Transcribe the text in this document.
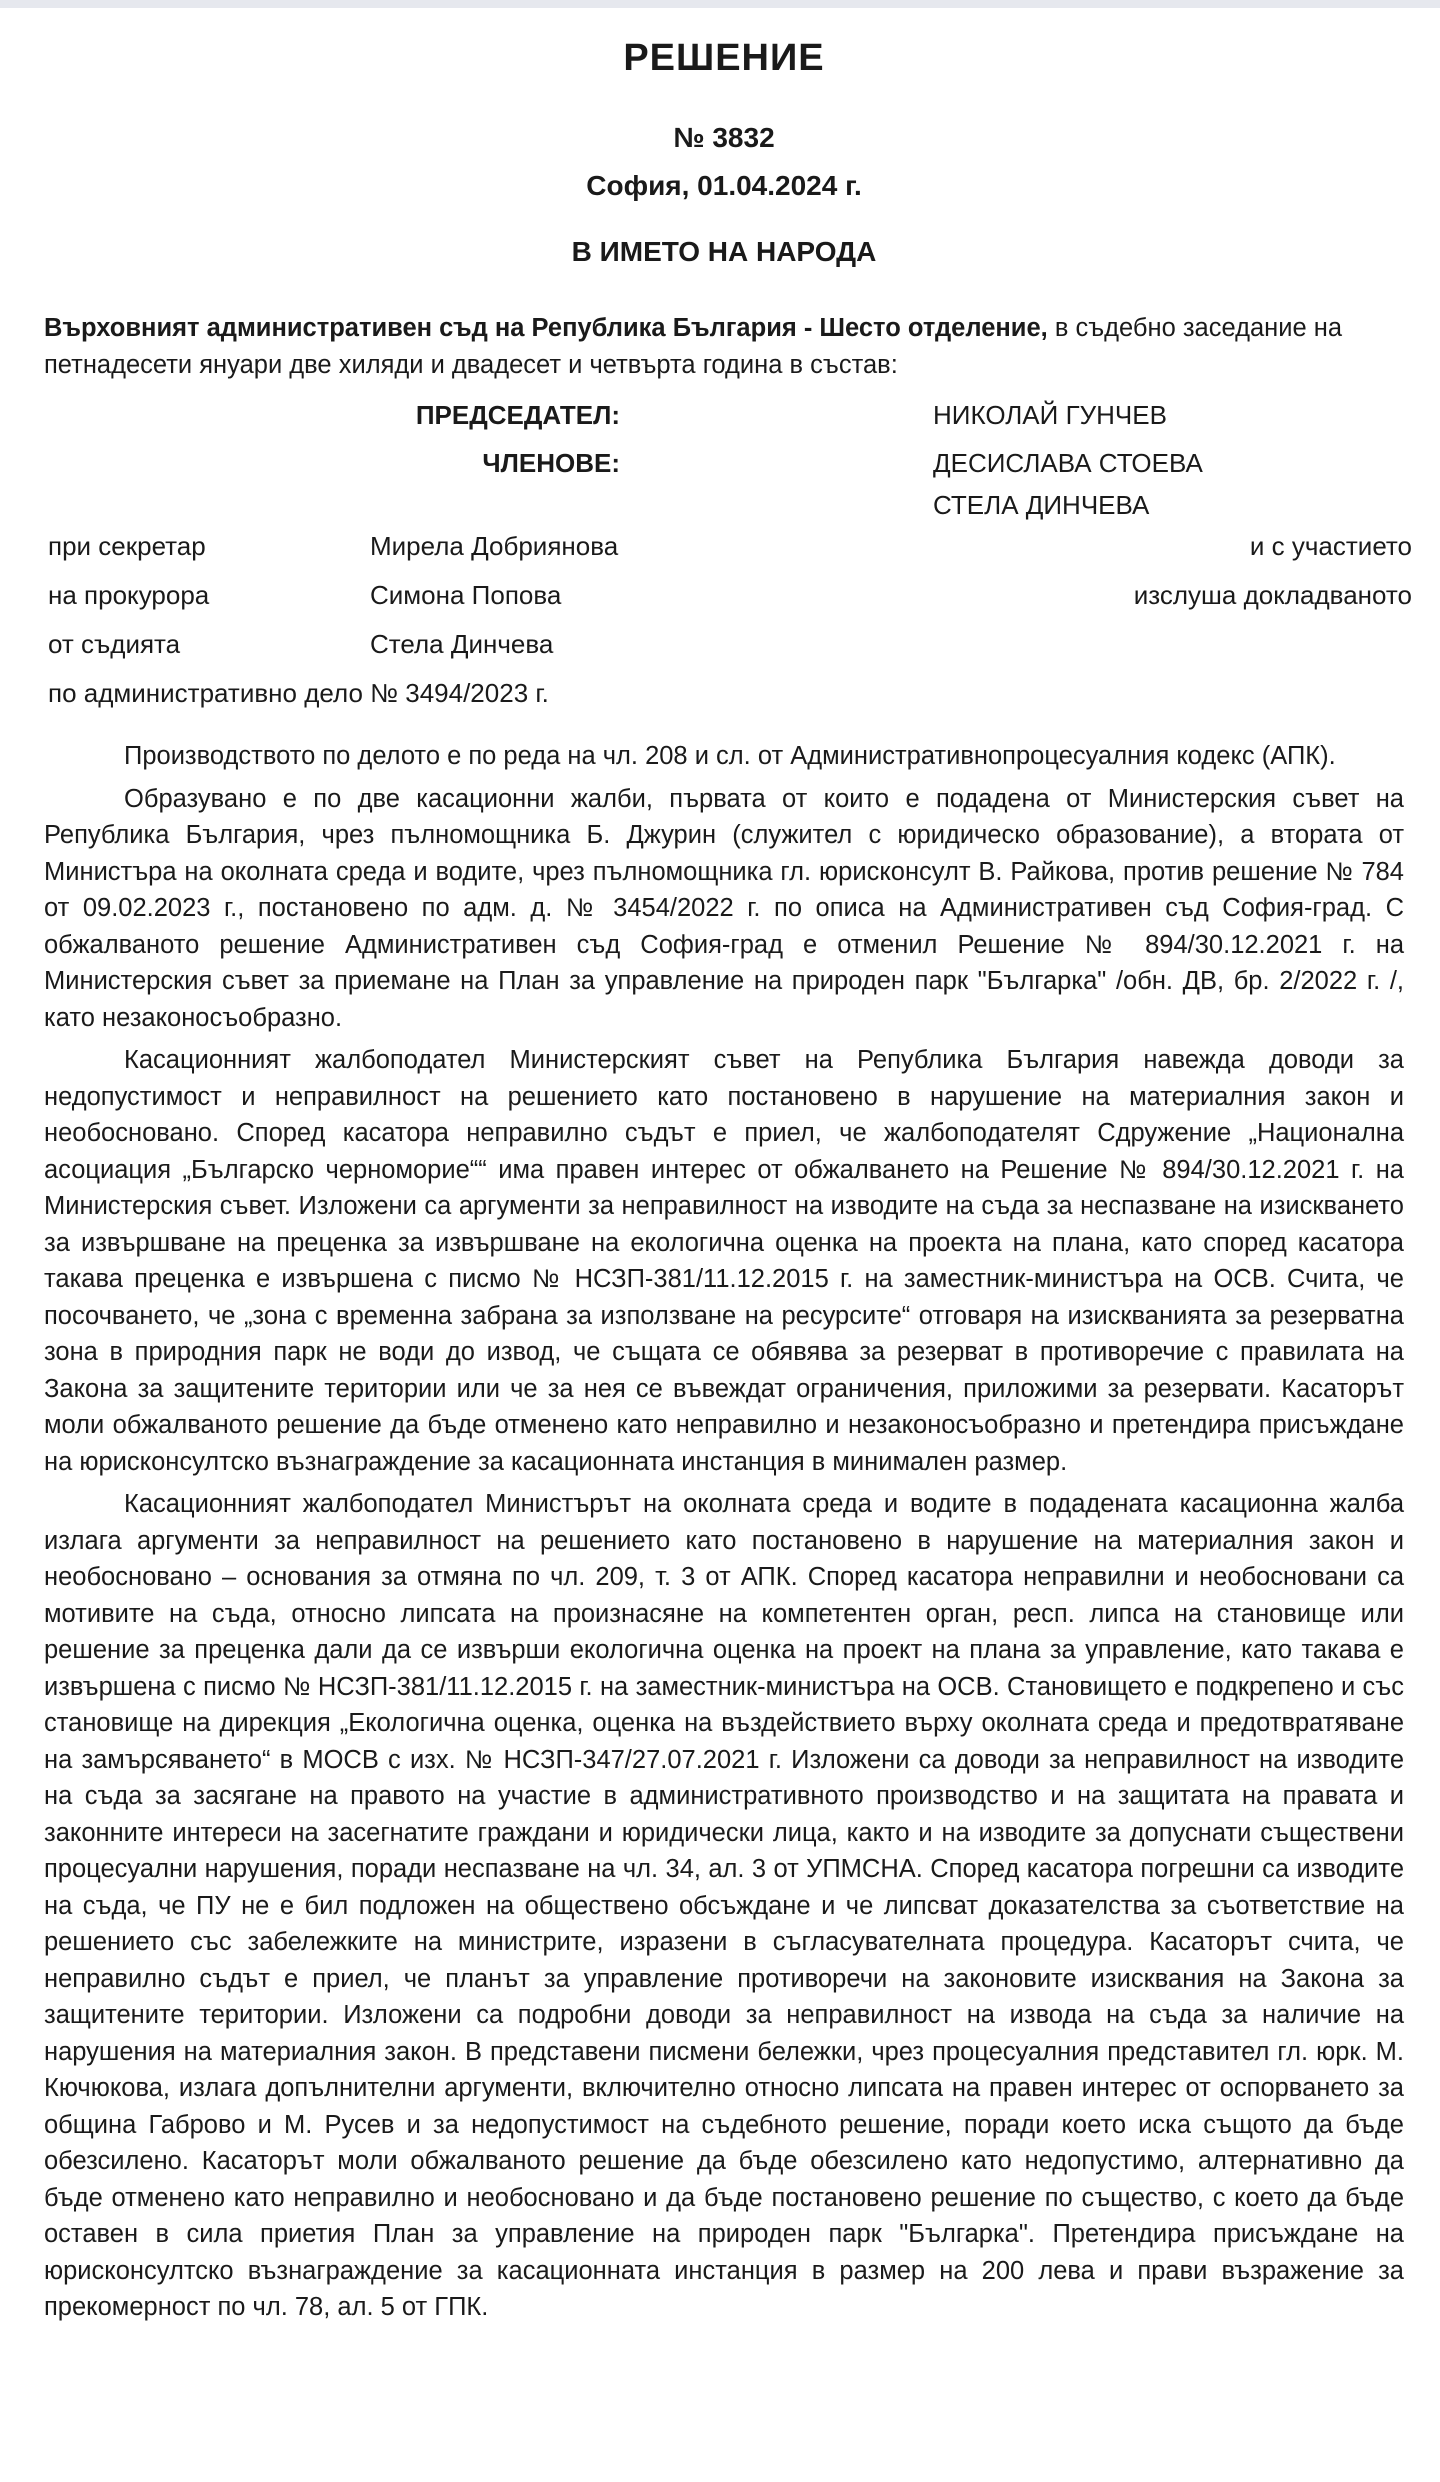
РЕШЕНИЕ
№ 3832
София, 01.04.2024 г.
В ИМЕТО НА НАРОДА
Върховният административен съд на Република България - Шесто отделение, в съдебно заседание на петнадесети януари две хиляди и двадесет и четвърта година в състав:
ПРЕДСЕДАТЕЛ:	НИКОЛАЙ ГУНЧЕВ
ЧЛЕНОВЕ:	ДЕСИСЛАВА СТОЕВА
СТЕЛА ДИНЧЕВА
при секретар	Мирела Добриянова	и с участието
на прокурора	Симона Попова	изслуша докладваното
от съдията	Стела Динчева	
по административно дело № 3494/2023 г.		

Производството по делото е по реда на чл. 208 и сл. от Административнопроцесуалния кодекс (АПК).

Образувано е по две касационни жалби, първата от които е подадена от Министерския съвет на Република България, чрез пълномощника Б. Джурин (служител с юридическо образование), а втората от Министъра на околната среда и водите, чрез пълномощника гл. юрисконсулт В. Райкова, против решение № 784 от 09.02.2023 г., постановено по адм. д. № 3454/2022 г. по описа на Административен съд София-град. С обжалваното решение Административен съд София-град е отменил Решение № 894/30.12.2021 г. на Министерския съвет за приемане на План за управление на природен парк "Българка" /обн. ДВ, бр. 2/2022 г. /, като незаконосъобразно.

Касационният жалбоподател Министерският съвет на Република България навежда доводи за недопустимост и неправилност на решението като постановено в нарушение на материалния закон и необосновано. Според касатора неправилно съдът е приел, че жалбоподателят Сдружение „Национална асоциация „Българско черноморие““ има правен интерес от обжалването на Решение № 894/30.12.2021 г. на Министерския съвет. Изложени са аргументи за неправилност на изводите на съда за неспазване на изискването за извършване на преценка за извършване на екологична оценка на проекта на плана, като според касатора такава преценка е извършена с писмо № НСЗП-381/11.12.2015 г. на заместник-министъра на ОСВ. Счита, че посочването, че „зона с временна забрана за използване на ресурсите“ отговаря на изискванията за резерватна зона в природния парк не води до извод, че същата се обявява за резерват в противоречие с правилата на Закона за защитените територии или че за нея се въвеждат ограничения, приложими за резервати. Касаторът моли обжалваното решение да бъде отменено като неправилно и незаконосъобразно и претендира присъждане на юрисконсултско възнаграждение за касационната инстанция в минимален размер.

Касационният жалбоподател Министърът на околната среда и водите в подадената касационна жалба излага аргументи за неправилност на решението като постановено в нарушение на материалния закон и необосновано – основания за отмяна по чл. 209, т. 3 от АПК. Според касатора неправилни и необосновани са мотивите на съда, относно липсата на произнасяне на компетентен орган, респ. липса на становище или решение за преценка дали да се извърши екологична оценка на проект на плана за управление, като такава е извършена с писмо № НСЗП-381/11.12.2015 г. на заместник-министъра на ОСВ. Становището е подкрепено и със становище на дирекция „Екологична оценка, оценка на въздействието върху околната среда и предотвратяване на замърсяването“ в МОСВ с изх. № НСЗП-347/27.07.2021 г. Изложени са доводи за неправилност на изводите на съда за засягане на правото на участие в административното производство и на защитата на правата и законните интереси на засегнатите граждани и юридически лица, както и на изводите за допуснати съществени процесуални нарушения, поради неспазване на чл. 34, ал. 3 от УПМСНА. Според касатора погрешни са изводите на съда, че ПУ не е бил подложен на обществено обсъждане и че липсват доказателства за съответствие на решението със забележките на министрите, изразени в съгласувателната процедура. Касаторът счита, че неправилно съдът е приел, че планът за управление противоречи на законовите изисквания на Закона за защитените територии. Изложени са подробни доводи за неправилност на извода на съда за наличие на нарушения на материалния закон. В представени писмени бележки, чрез процесуалния представител гл. юрк. М. Кючюкова, излага допълнителни аргументи, включително относно липсата на правен интерес от оспорването за община Габрово и М. Русев и за недопустимост на съдебното решение, поради което иска същото да бъде обезсилено. Касаторът моли обжалваното решение да бъде обезсилено като недопустимо, алтернативно да бъде отменено като неправилно и необосновано и да бъде постановено решение по същество, с което да бъде оставен в сила приетия План за управление на природен парк "Българка". Претендира присъждане на юрисконсултско възнаграждение за касационната инстанция в размер на 200 лева и прави възражение за прекомерност по чл. 78, ал. 5 от ГПК.
